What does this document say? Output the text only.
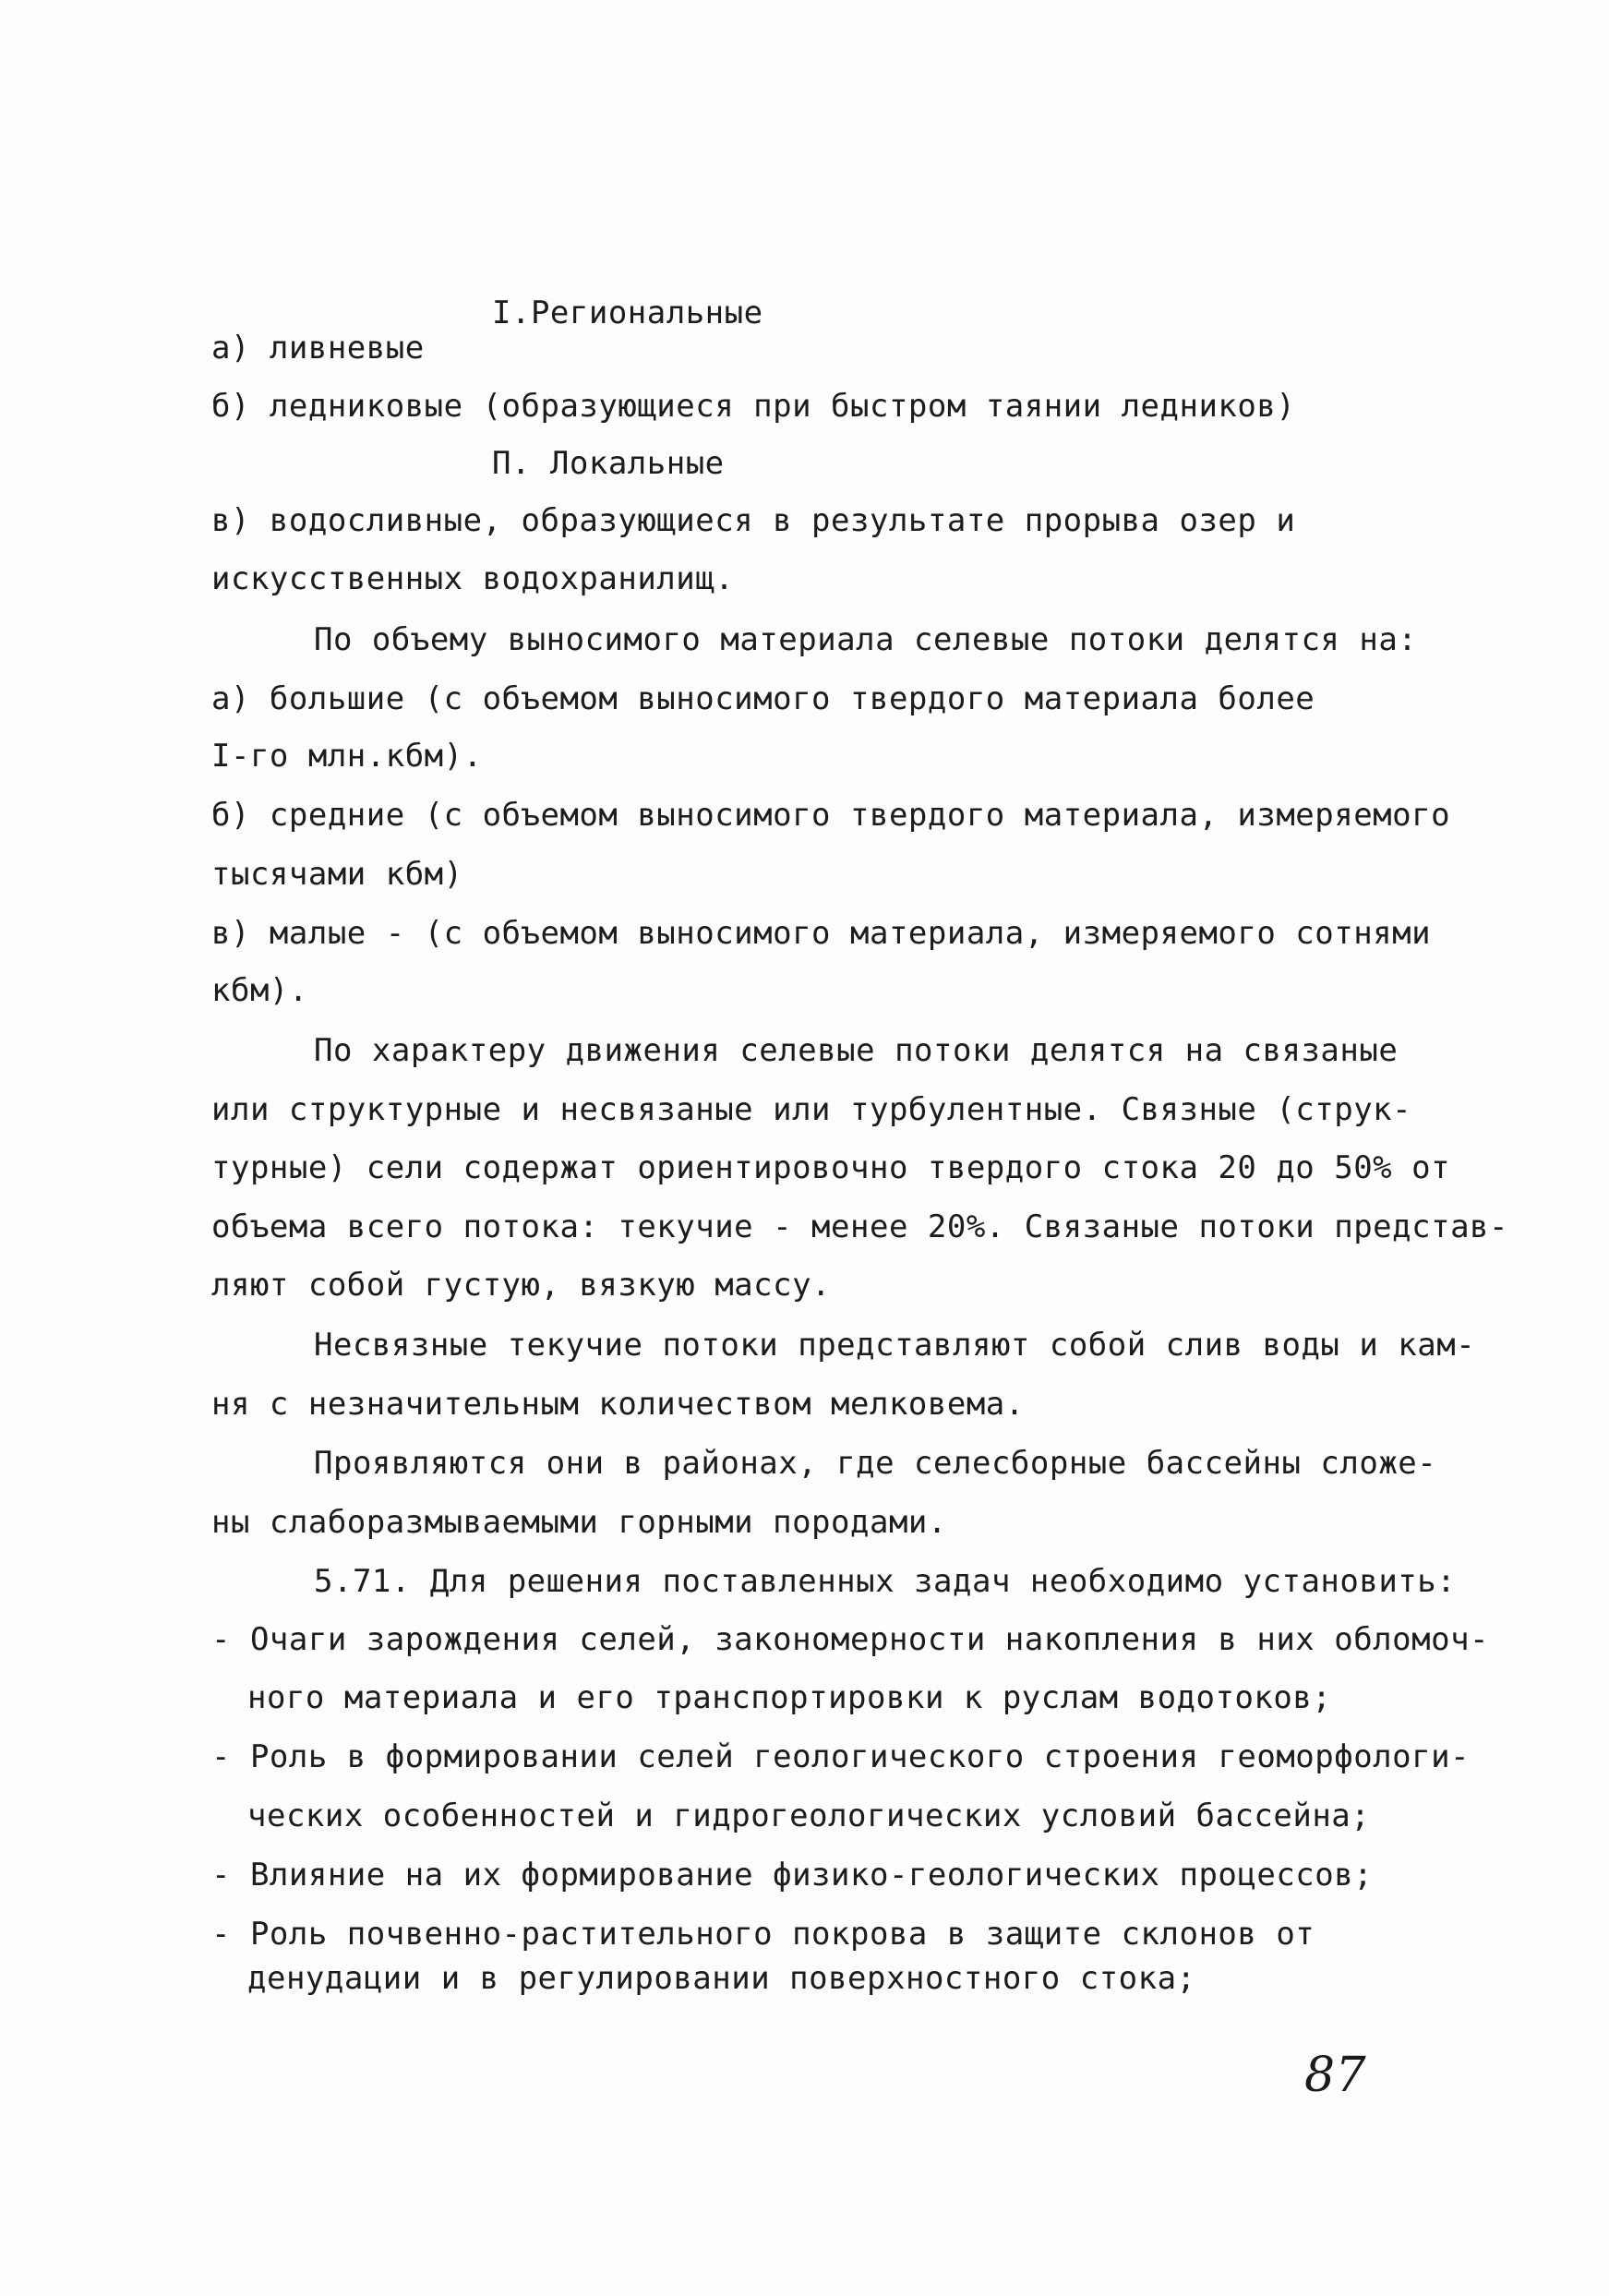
I.Региональные
а) ливневые
б) ледниковые (образующиеся при быстром таянии ледников)
П. Локальные
в) водосливные, образующиеся в результате прорыва озер и
искусственных водохранилищ.
По объему выносимого материала селевые потоки делятся на:
а) большие (с объемом выносимого твердого материала более
I-го млн.кбм).
б) средние (с объемом выносимого твердого материала, измеряемого
тысячами кбм)
в) малые - (с объемом выносимого материала, измеряемого сотнями
кбм).
По характеру движения селевые потоки делятся на связаные
или структурные и несвязаные или турбулентные. Связные (струк-
турные) сели содержат ориентировочно твердого стока 20 до 50% от
объема всего потока: текучие - менее 20%. Связаные потоки представ-
ляют собой густую, вязкую массу.
Несвязные текучие потоки представляют собой слив воды и кам-
ня с незначительным количеством мелковема.
Проявляются они в районах, где селесборные бассейны сложе-
ны слаборазмываемыми горными породами.
5.71. Для решения поставленных задач необходимо установить:
- Очаги зарождения селей, закономерности накопления в них обломоч-
ного материала и его транспортировки к руслам водотоков;
- Роль в формировании селей геологического строения геоморфологи-
ческих особенностей и гидрогеологических условий бассейна;
- Влияние на их формирование физико-геологических процессов;
- Роль почвенно-растительного покрова в защите склонов от
денудации и в регулировании поверхностного стока;
87
